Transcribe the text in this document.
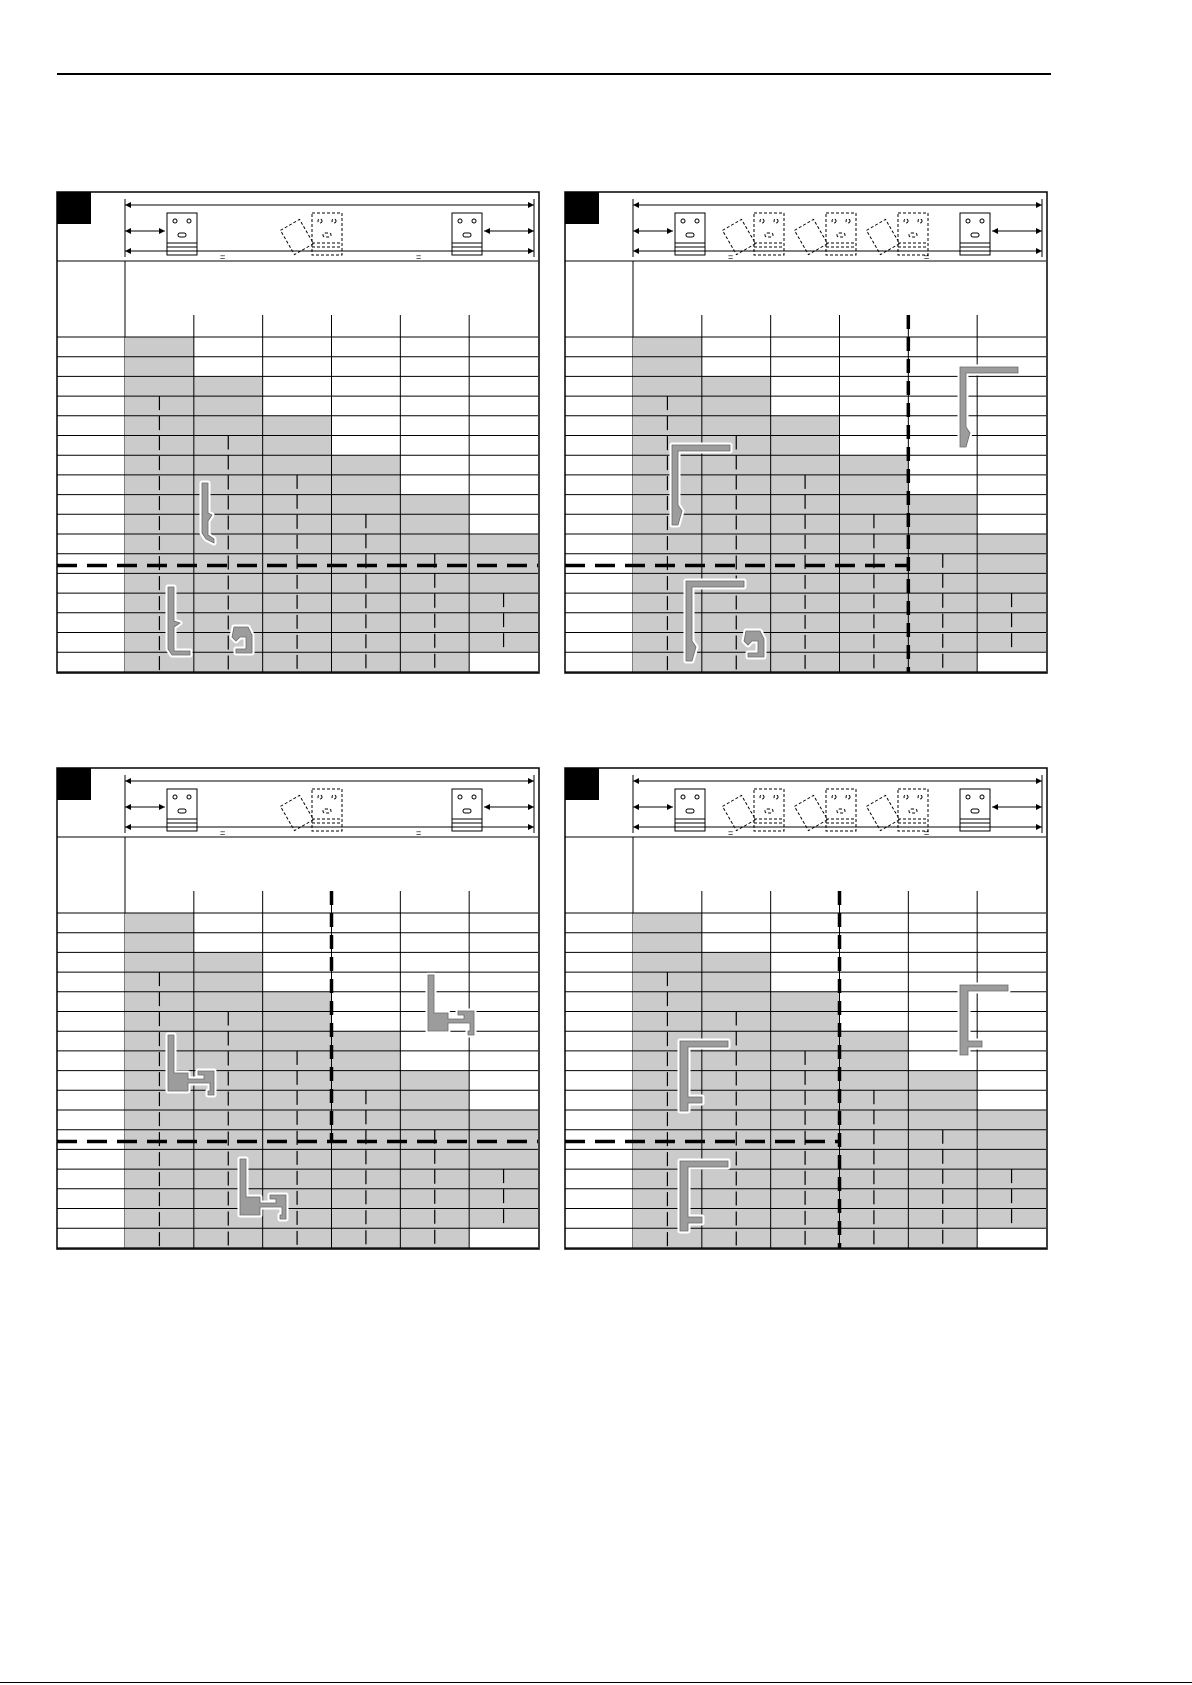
=	=	=	=
=	=	=	=
